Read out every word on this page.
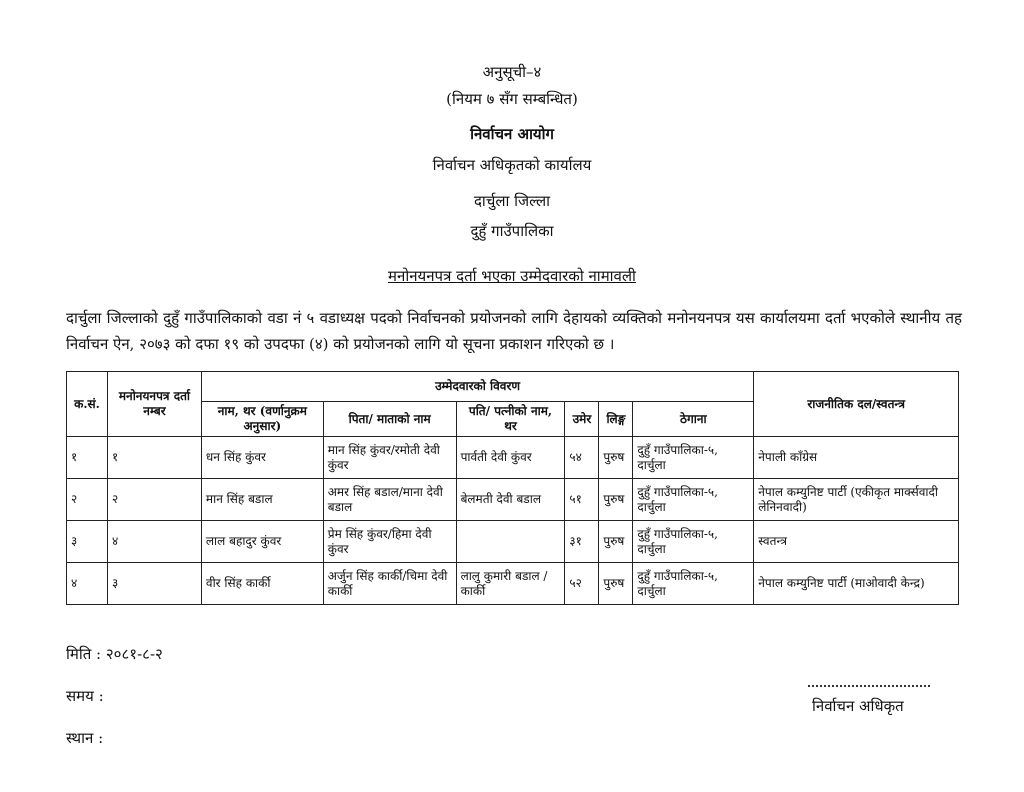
अनुसूची–४
(नियम ७ सँग सम्बन्धित)
निर्वाचन आयोग
निर्वाचन अधिकृतको कार्यालय
दार्चुला जिल्ला
दुहुँ गाउँपालिका
मनोनयनपत्र दर्ता भएका उम्मेदवारको नामावली
दार्चुला जिल्लाको दुहुँ गाउँपालिकाको वडा नं ५ वडाध्यक्ष पदको निर्वाचनको प्रयोजनको लागि देहायको व्यक्तिको मनोनयनपत्र यस कार्यालयमा दर्ता भएकोले स्थानीय तह निर्वाचन ऐन, २०७३ को दफा १९ को उपदफा (४) को प्रयोजनको लागि यो सूचना प्रकाशन गरिएको छ ।
क.सं.	मनोनयनपत्र दर्ता नम्बर	उम्मेदवारको विवरण						राजनीतिक दल/स्वतन्त्र
		नाम, थर (वर्णानुक्रम अनुसार)	पिता/ माताको नाम	पति/ पत्नीको नाम, थर	उमेर	लिङ्ग	ठेगाना	
१	१	धन सिंह कुंवर	मान सिंह कुंवर/रमोती देवी कुंवर	पार्वती देवी कुंवर	५४	पुरुष	दुहुँ गाउँपालिका-५, दार्चुला	नेपाली काँग्रेस
२	२	मान सिंह बडाल	अमर सिंह बडाल/माना देवी बडाल	बेलमती देवी बडाल	५१	पुरुष	दुहुँ गाउँपालिका-५, दार्चुला	नेपाल कम्युनिष्ट पार्टी (एकीकृत मार्क्सवादी लेनिनवादी)
३	४	लाल बहादुर कुंवर	प्रेम सिंह कुंवर/हिमा देवी कुंवर		३१	पुरुष	दुहुँ गाउँपालिका-५, दार्चुला	स्वतन्त्र
४	३	वीर सिंह कार्की	अर्जुन सिंह कार्की/चिमा देवी कार्की	लालु कुमारी बडाल /कार्की	५२	पुरुष	दुहुँ गाउँपालिका-५, दार्चुला	नेपाल कम्युनिष्ट पार्टी (माओवादी केन्द्र)
मिति : २०८१-८-२
समय :
स्थान :
निर्वाचन अधिकृत
